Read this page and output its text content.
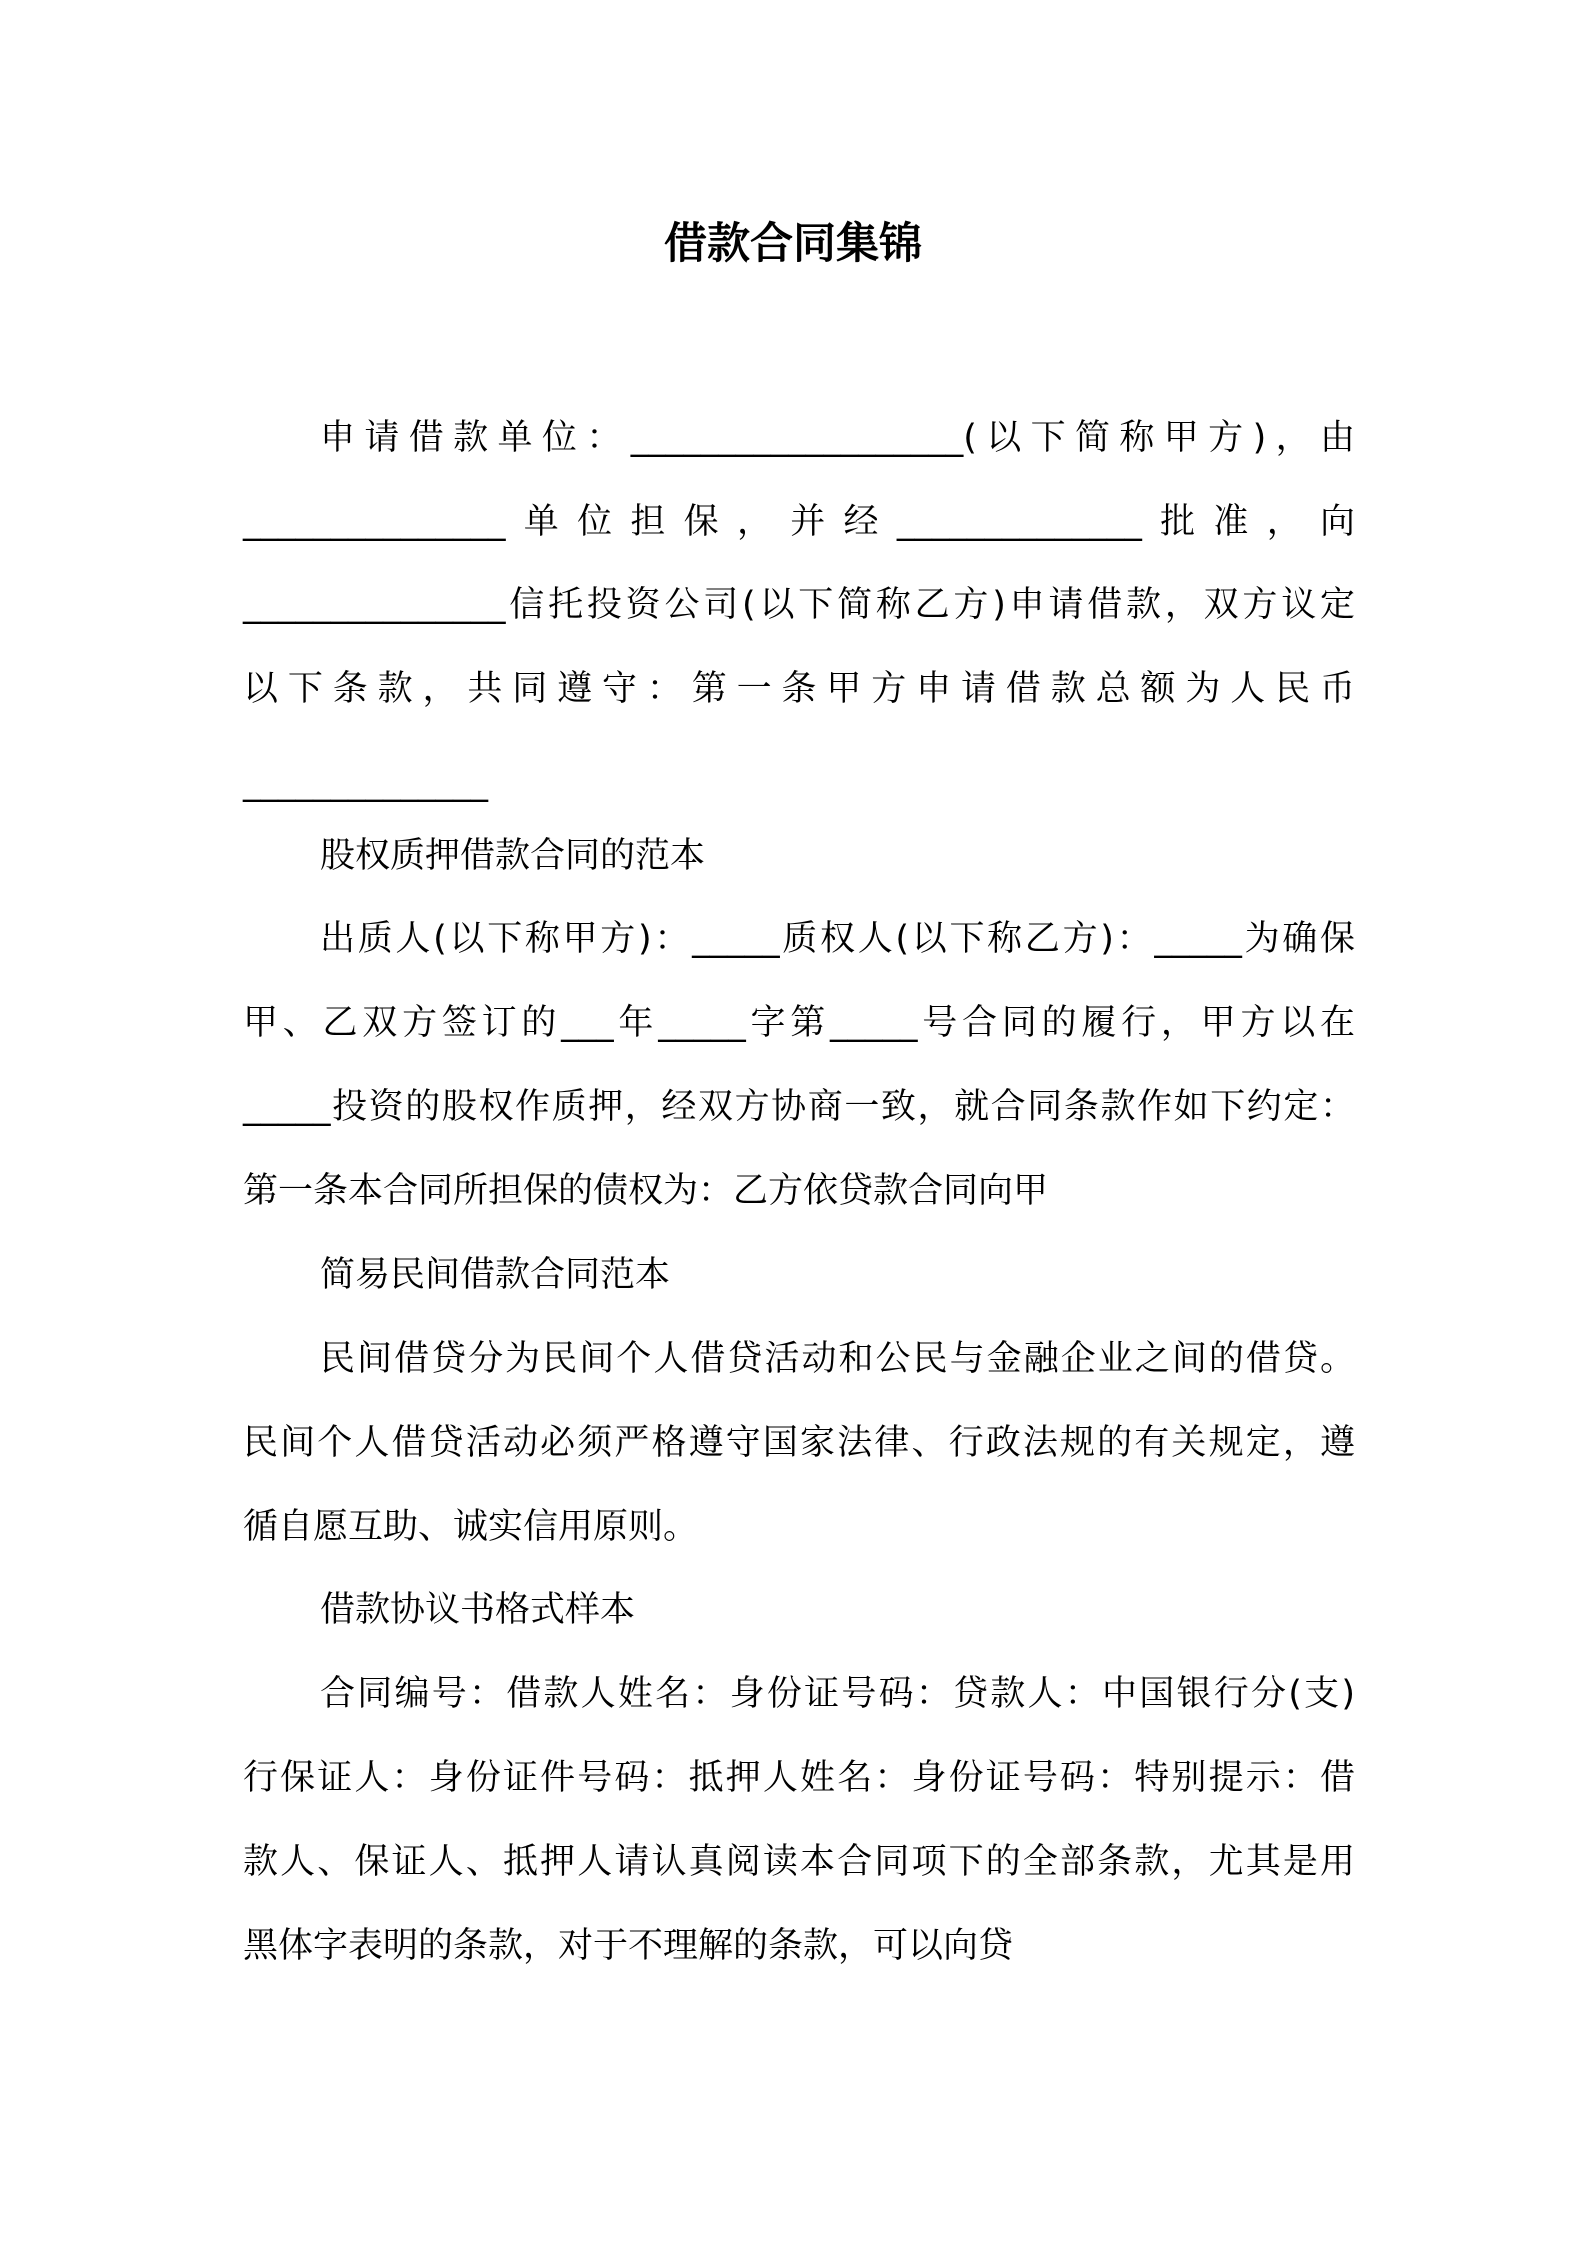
借款合同集锦
申请借款单位：___________________(以下简称甲方)，由
_______________单位担保，并经______________批准，向
_______________信托投资公司(以下简称乙方)申请借款，双方议定
以下条款，共同遵守：第一条甲方申请借款总额为人民币
______________
股权质押借款合同的范本
出质人(以下称甲方)：_____质权人(以下称乙方)：_____为确保
甲、乙双方签订的___年_____字第_____号合同的履行，甲方以在
_____投资的股权作质押，经双方协商一致，就合同条款作如下约定：
第一条本合同所担保的债权为：乙方依贷款合同向甲
简易民间借款合同范本
民间借贷分为民间个人借贷活动和公民与金融企业之间的借贷。
民间个人借贷活动必须严格遵守国家法律、行政法规的有关规定，遵
循自愿互助、诚实信用原则。
借款协议书格式样本
合同编号：借款人姓名：身份证号码：贷款人：中国银行分(支)
行保证人：身份证件号码：抵押人姓名：身份证号码：特别提示：借
款人、保证人、抵押人请认真阅读本合同项下的全部条款，尤其是用
黑体字表明的条款，对于不理解的条款，可以向贷
